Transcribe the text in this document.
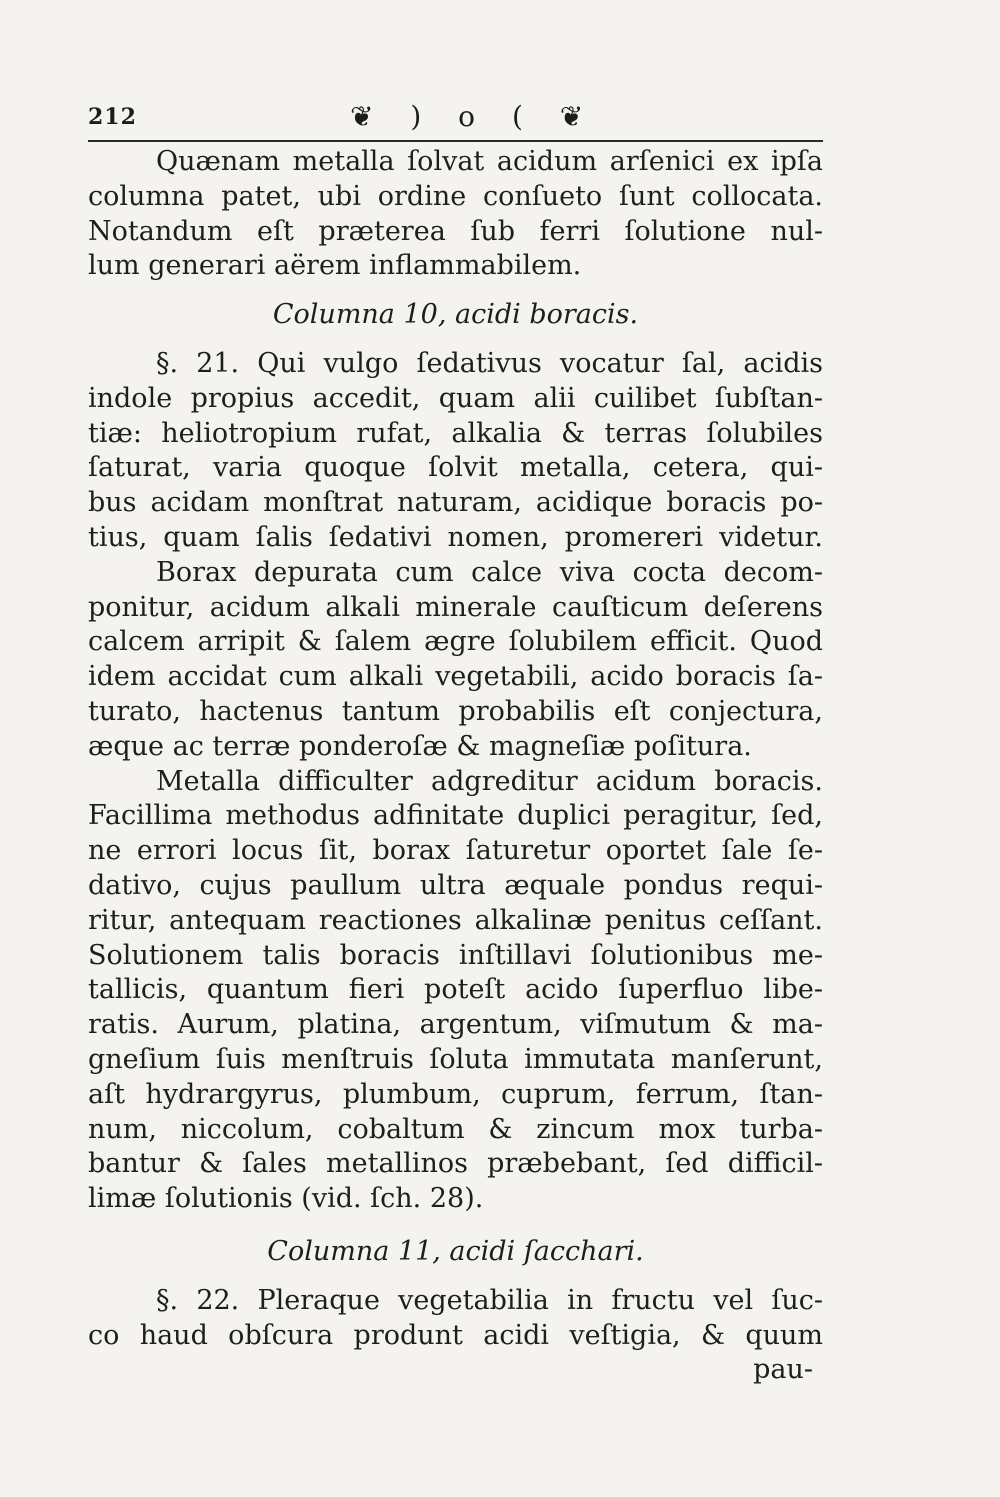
212	❦ ) o ( ❦
Quænam metalla ſolvat acidum arſenici ex ipſa
columna patet, ubi ordine conſueto ſunt collocata.
Notandum eſt præterea ſub ferri ſolutione nul-
lum generari aërem inflammabilem.
Columna 10, acidi boracis.
§. 21. Qui vulgo ſedativus vocatur ſal, acidis
indole propius accedit, quam alii cuilibet ſubſtan-
tiæ: heliotropium rufat, alkalia & terras ſolubiles
ſaturat, varia quoque ſolvit metalla, cetera, qui-
bus acidam monſtrat naturam, acidique boracis po-
tius, quam ſalis ſedativi nomen, promereri videtur.
Borax depurata cum calce viva cocta decom-
ponitur, acidum alkali minerale cauſticum deſerens
calcem arripit & ſalem ægre ſolubilem efficit. Quod
idem accidat cum alkali vegetabili, acido boracis ſa-
turato, hactenus tantum probabilis eſt conjectura,
æque ac terræ ponderoſæ & magneſiæ poſitura.
Metalla difficulter adgreditur acidum boracis.
Facillima methodus adfinitate duplici peragitur, ſed,
ne errori locus ſit, borax ſaturetur oportet ſale ſe-
dativo, cujus paullum ultra æquale pondus requi-
ritur, antequam reactiones alkalinæ penitus ceſſant.
Solutionem talis boracis inſtillavi ſolutionibus me-
tallicis, quantum fieri poteſt acido ſuperfluo libe-
ratis. Aurum, platina, argentum, viſmutum & ma-
gneſium ſuis menſtruis ſoluta immutata manſerunt,
aſt hydrargyrus, plumbum, cuprum, ferrum, ſtan-
num, niccolum, cobaltum & zincum mox turba-
bantur & ſales metallinos præbebant, ſed difficil-
limæ ſolutionis (vid. ſch. 28).
Columna 11, acidi ſacchari.
§. 22. Pleraque vegetabilia in fructu vel ſuc-
co haud obſcura produnt acidi veſtigia, & quum
pau-
